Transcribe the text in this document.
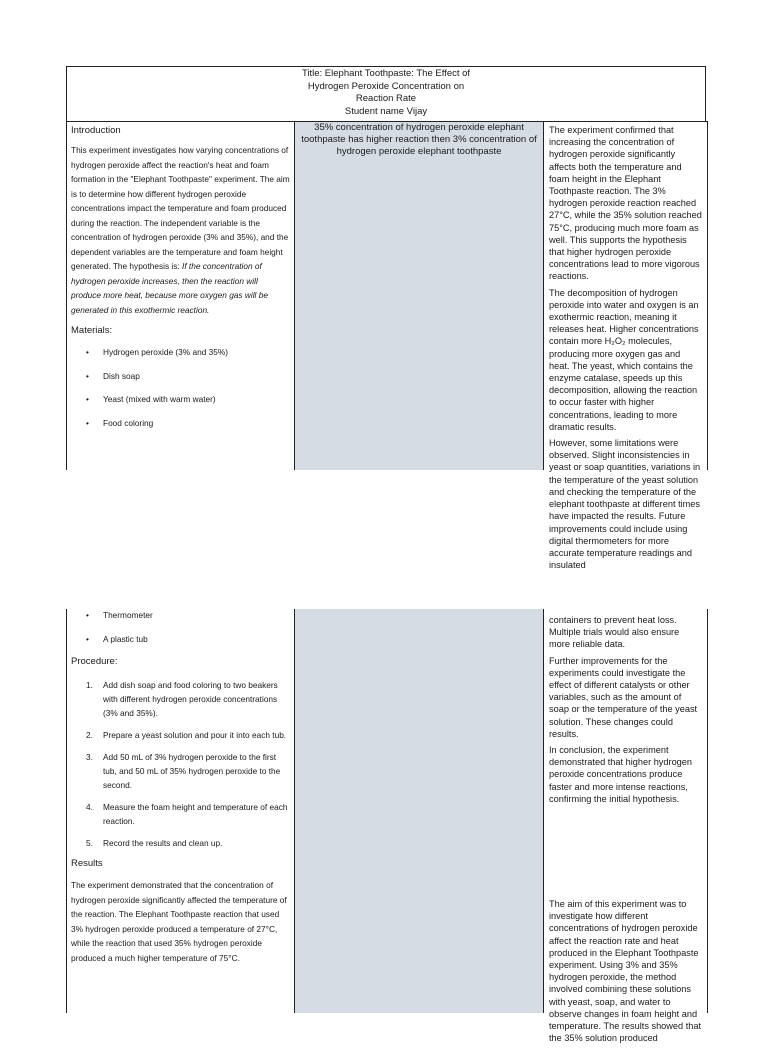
Title: Elephant Toothpaste: The Effect of
Hydrogen Peroxide Concentration on
Reaction Rate
Student name Vijay
Introduction

This experiment investigates how varying concentrations of hydrogen peroxide affect the reaction's heat and foam formation in the "Elephant Toothpaste" experiment. The aim is to determine how different hydrogen peroxide concentrations impact the temperature and foam produced during the reaction. The independent variable is the concentration of hydrogen peroxide (3% and 35%), and the dependent variables are the temperature and foam height generated. The hypothesis is: If the concentration of hydrogen peroxide increases, then the reaction will produce more heat, because more oxygen gas will be generated in this exothermic reaction.

Materials:
• Hydrogen peroxide (3% and 35%)
• Dish soap
• Yeast (mixed with warm water)
• Food coloring
35% concentration of hydrogen peroxide elephant toothpaste has higher reaction then 3% concentration of hydrogen peroxide elephant toothpaste

The experiment confirmed that increasing the concentration of hydrogen peroxide significantly affects both the temperature and foam height in the Elephant Toothpaste reaction. The 3% hydrogen peroxide reaction reached 27°C, while the 35% solution reached 75°C, producing much more foam as well. This supports the hypothesis that higher hydrogen peroxide concentrations lead to more vigorous reactions.

The decomposition of hydrogen peroxide into water and oxygen is an exothermic reaction, meaning it releases heat. Higher concentrations contain more H₂O₂ molecules, producing more oxygen gas and heat. The yeast, which contains the enzyme catalase, speeds up this decomposition, allowing the reaction to occur faster with higher concentrations, leading to more dramatic results.

However, some limitations were observed. Slight inconsistencies in yeast or soap quantities, variations in the temperature of the yeast solution and checking the temperature of the elephant toothpaste at different times have impacted the results. Future improvements could include using digital thermometers for more accurate temperature readings and insulated

• Thermometer
• A plastic tub
Procedure:
1. Add dish soap and food coloring to two beakers with different hydrogen peroxide concentrations (3% and 35%).
2. Prepare a yeast solution and pour it into each tub.
3. Add 50 mL of 3% hydrogen peroxide to the first tub, and 50 mL of 35% hydrogen peroxide to the second.
4. Measure the foam height and temperature of each reaction.
5. Record the results and clean up.
Results

The experiment demonstrated that the concentration of hydrogen peroxide significantly affected the temperature of the reaction. The Elephant Toothpaste reaction that used 3% hydrogen peroxide produced a temperature of 27°C, while the reaction that used 35% hydrogen peroxide produced a much higher temperature of 75°C.

containers to prevent heat loss. Multiple trials would also ensure more reliable data.

Further improvements for the experiments could investigate the effect of different catalysts or other variables, such as the amount of soap or the temperature of the yeast solution. These changes could results.

In conclusion, the experiment demonstrated that higher hydrogen peroxide concentrations produce faster and more intense reactions, confirming the initial hypothesis.

The aim of this experiment was to investigate how different concentrations of hydrogen peroxide affect the reaction rate and heat produced in the Elephant Toothpaste experiment. Using 3% and 35% hydrogen peroxide, the method involved combining these solutions with yeast, soap, and water to observe changes in foam height and temperature. The results showed that the 35% solution produced
